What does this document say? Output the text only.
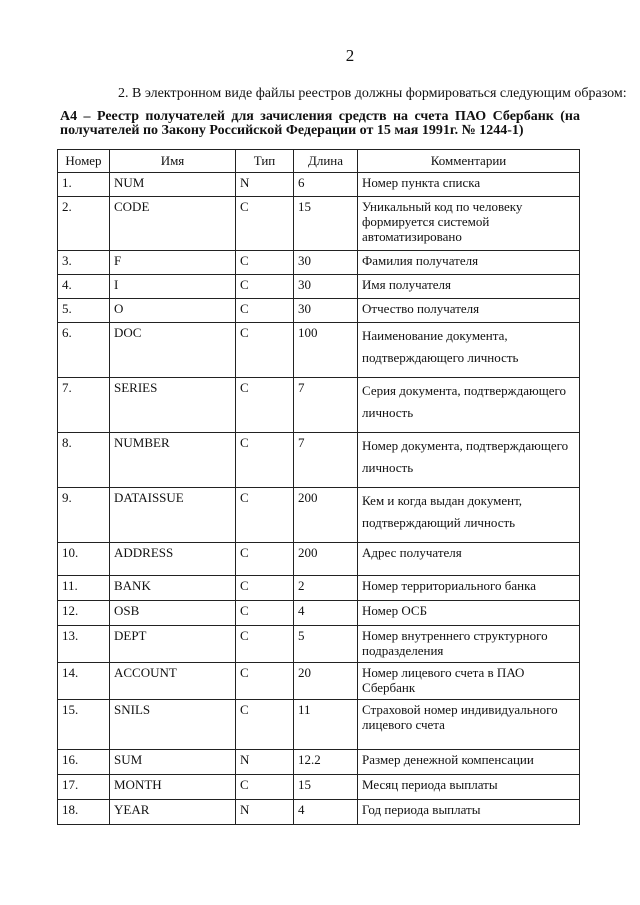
2
2. В электронном виде файлы реестров должны формироваться следующим образом:
А4 – Реестр получателей для зачисления средств на счета ПАО Сбербанк (на получателей по Закону Российской Федерации от 15 мая 1991г. № 1244-1)
Номер	Имя	Тип	Длина	Комментарии
1.	NUM	N	6	Номер пункта списка
2.	CODE	C	15	Уникальный код по человеку формируется системой автоматизировано
3.	F	C	30	Фамилия получателя
4.	I	C	30	Имя получателя
5.	O	C	30	Отчество получателя
6.	DOC	C	100	Наименование документа, подтверждающего личность
7.	SERIES	C	7	Серия документа, подтверждающего личность
8.	NUMBER	C	7	Номер документа, подтверждающего личность
9.	DATAISSUE	C	200	Кем и когда выдан документ, подтверждающий личность
10.	ADDRESS	C	200	Адрес получателя
11.	BANK	C	2	Номер территориального банка
12.	OSB	C	4	Номер ОСБ
13.	DEPT	C	5	Номер внутреннего структурного подразделения
14.	ACCOUNT	C	20	Номер лицевого счета в ПАО Сбербанк
15.	SNILS	C	11	Страховой номер индивидуального лицевого счета
16.	SUM	N	12.2	Размер денежной компенсации
17.	MONTH	C	15	Месяц периода выплаты
18.	YEAR	N	4	Год периода выплаты
